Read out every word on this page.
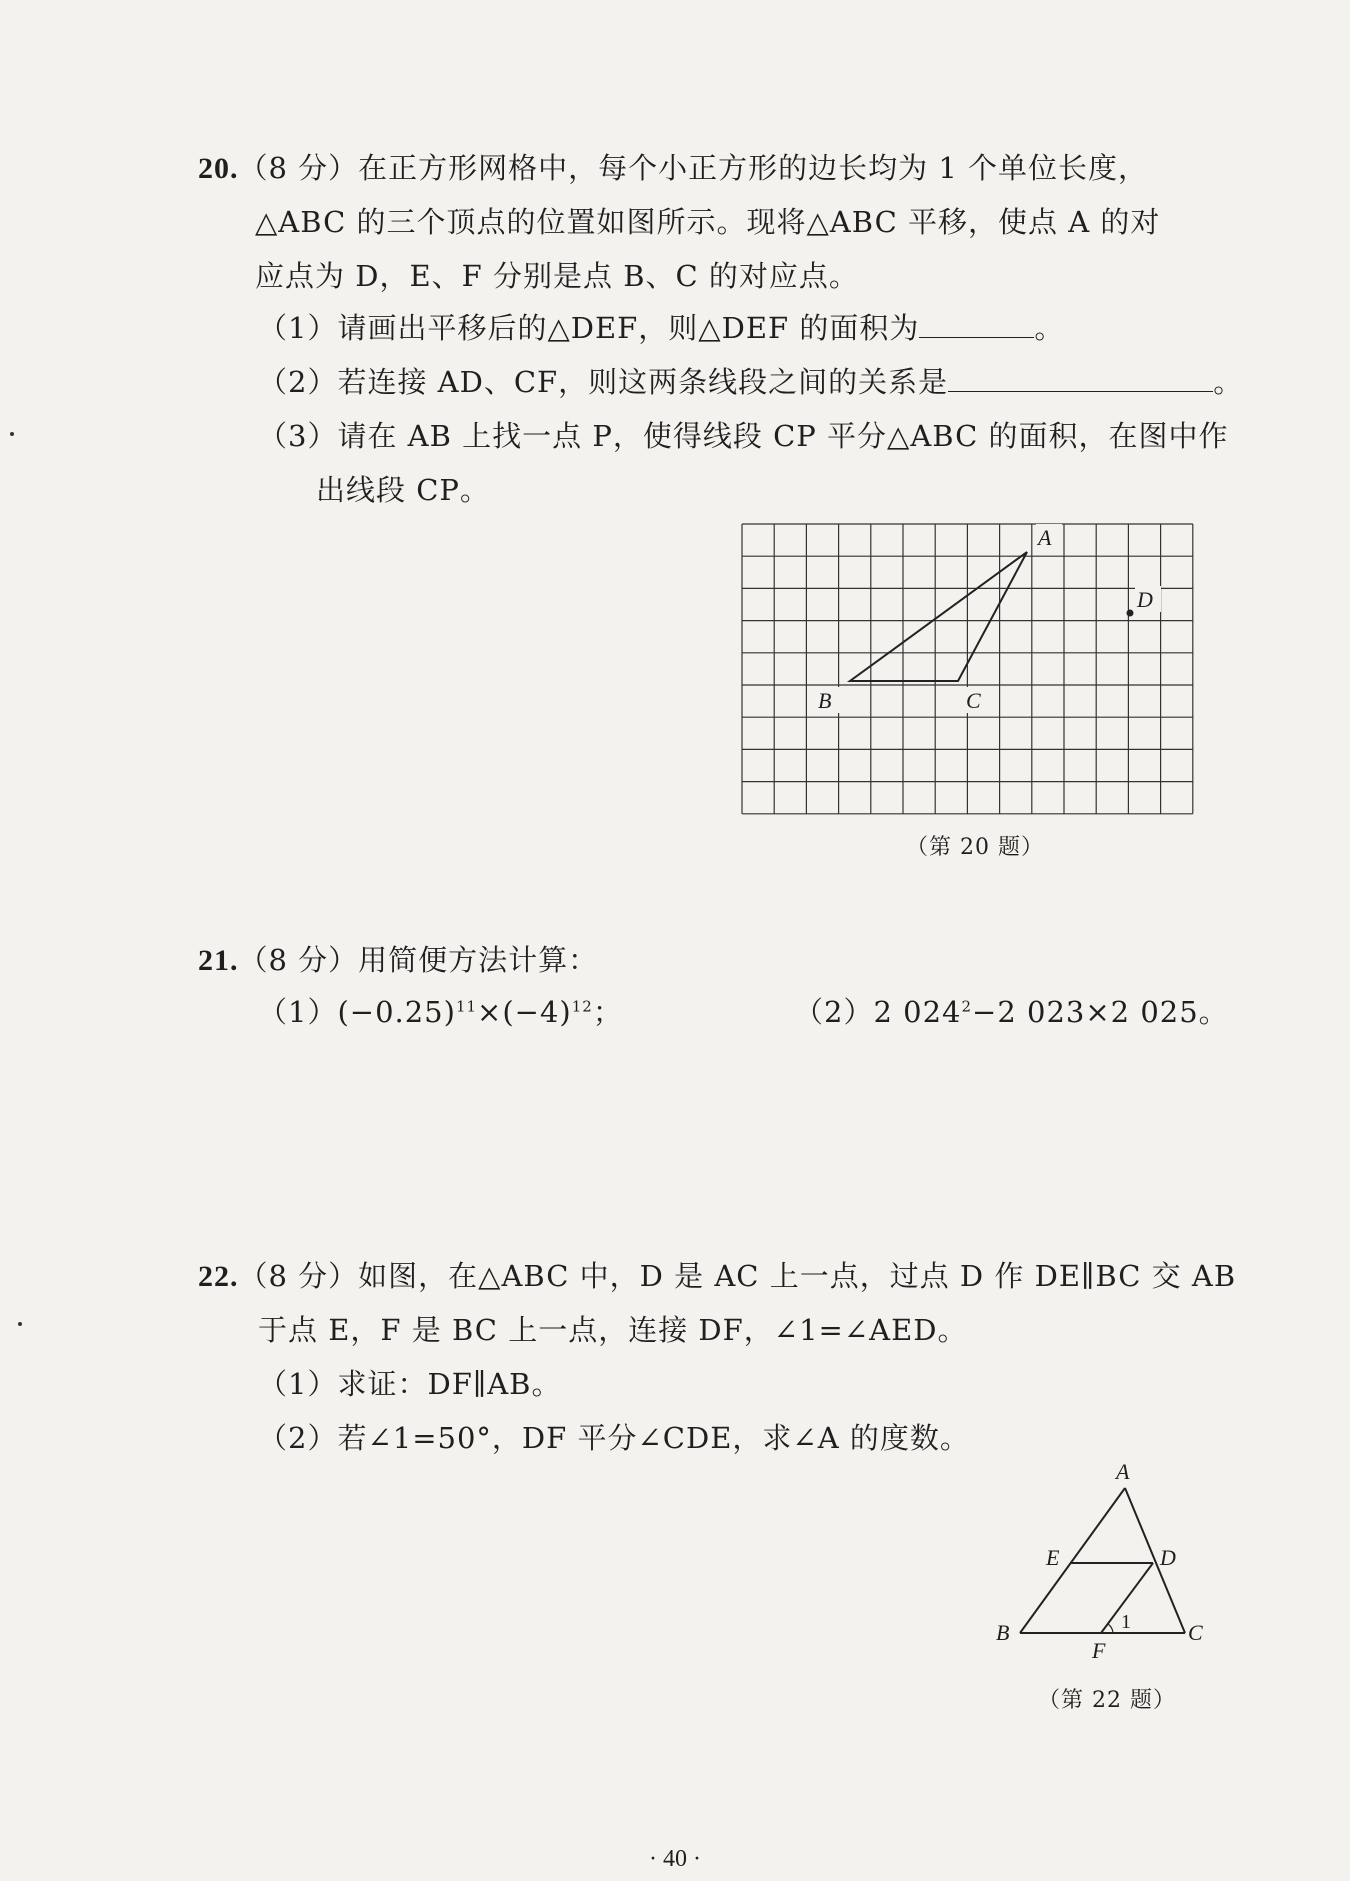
20.（8 分）在正方形网格中，每个小正方形的边长均为 1 个单位长度，
△ABC 的三个顶点的位置如图所示。现将△ABC 平移，使点 A 的对
应点为 D，E、F 分别是点 B、C 的对应点。
（1）请画出平移后的△DEF，则△DEF 的面积为	。
（2）若连接 AD、CF，则这两条线段之间的关系是	。
（3）请在 AB 上找一点 P，使得线段 CP 平分△ABC 的面积，在图中作
出线段 CP。
A
D
B	C
（第 20 题）
21.（8 分）用简便方法计算：
$(1)(-0.25)^{11}\times(-4)^{12}$；	（2）2 $024^2-2$ 023×2 025。
22.（8 分）如图，在△ABC 中，D 是 AC 上一点，过点 D 作 DE∥BC 交 AB
于点 E，F 是 BC 上一点，连接 DF，∠1=∠AED。
（1）求证：DF∥AB。
（2）若∠1=50°，DF 平分∠CDE，求∠A 的度数。
A
E	D
B	C
F
1
（第 22 题）
· 40 ·
